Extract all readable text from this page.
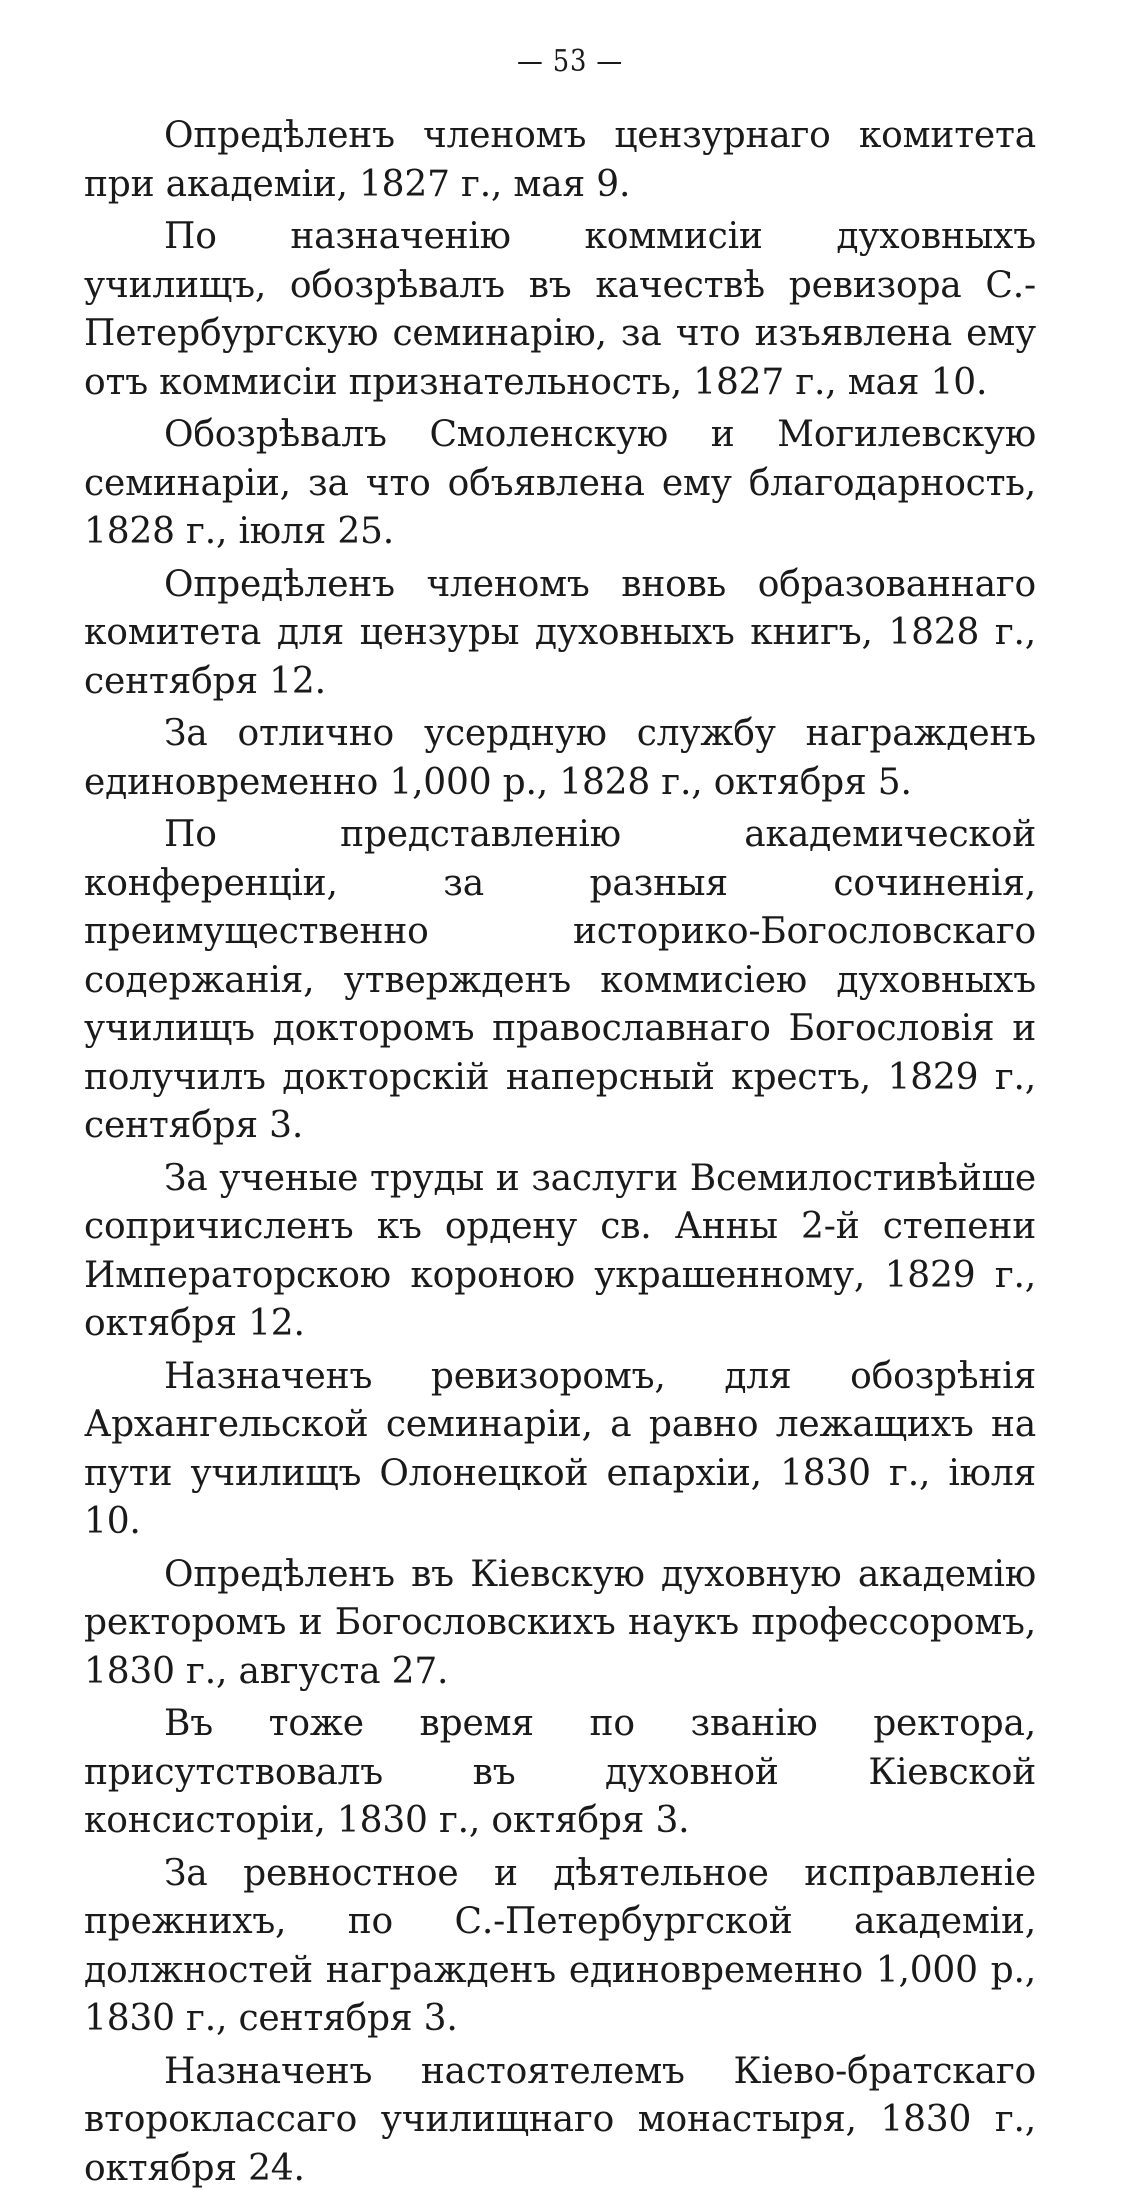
— 53 —

Опредѣленъ членомъ цензурнаго комитета при академіи, 1827 г., мая 9.

По назначенію коммисіи духовныхъ училищъ, обозрѣвалъ въ качествѣ ревизора С.-Петербургскую семинарію, за что изъявлена ему отъ коммисіи признательность, 1827 г., мая 10.

Обозрѣвалъ Смоленскую и Могилевскую семинаріи, за что объявлена ему благодарность, 1828 г., іюля 25.

Опредѣленъ членомъ вновь образованнаго комитета для цензуры духовныхъ книгъ, 1828 г., сентября 12.

За отлично усердную службу награжденъ единовременно 1,000 р., 1828 г., октября 5.

По представленію академической конференціи, за разныя сочиненія, преимущественно историко-Богословскаго содержанія, утвержденъ коммисіею духовныхъ училищъ докторомъ православнаго Богословія и получилъ докторскій наперсный крестъ, 1829 г., сентября 3.

За ученые труды и заслуги Всемилостивѣйше сопричисленъ къ ордену св. Анны 2-й степени Императорскою короною украшенному, 1829 г., октября 12.

Назначенъ ревизоромъ, для обозрѣнія Архангельской семинаріи, а равно лежащихъ на пути училищъ Олонецкой епархіи, 1830 г., іюля 10.

Опредѣленъ въ Кіевскую духовную академію ректоромъ и Богословскихъ наукъ профессоромъ, 1830 г., августа 27.

Въ тоже время по званію ректора, присутствовалъ въ духовной Кіевской консисторіи, 1830 г., октября 3.

За ревностное и дѣятельное исправленіе прежнихъ, по С.-Петербургской академіи, должностей награжденъ единовременно 1,000 р., 1830 г., сентября 3.

Назначенъ настоятелемъ Кіево-братскаго второклассаго училищнаго монастыря, 1830 г., октября 24.
